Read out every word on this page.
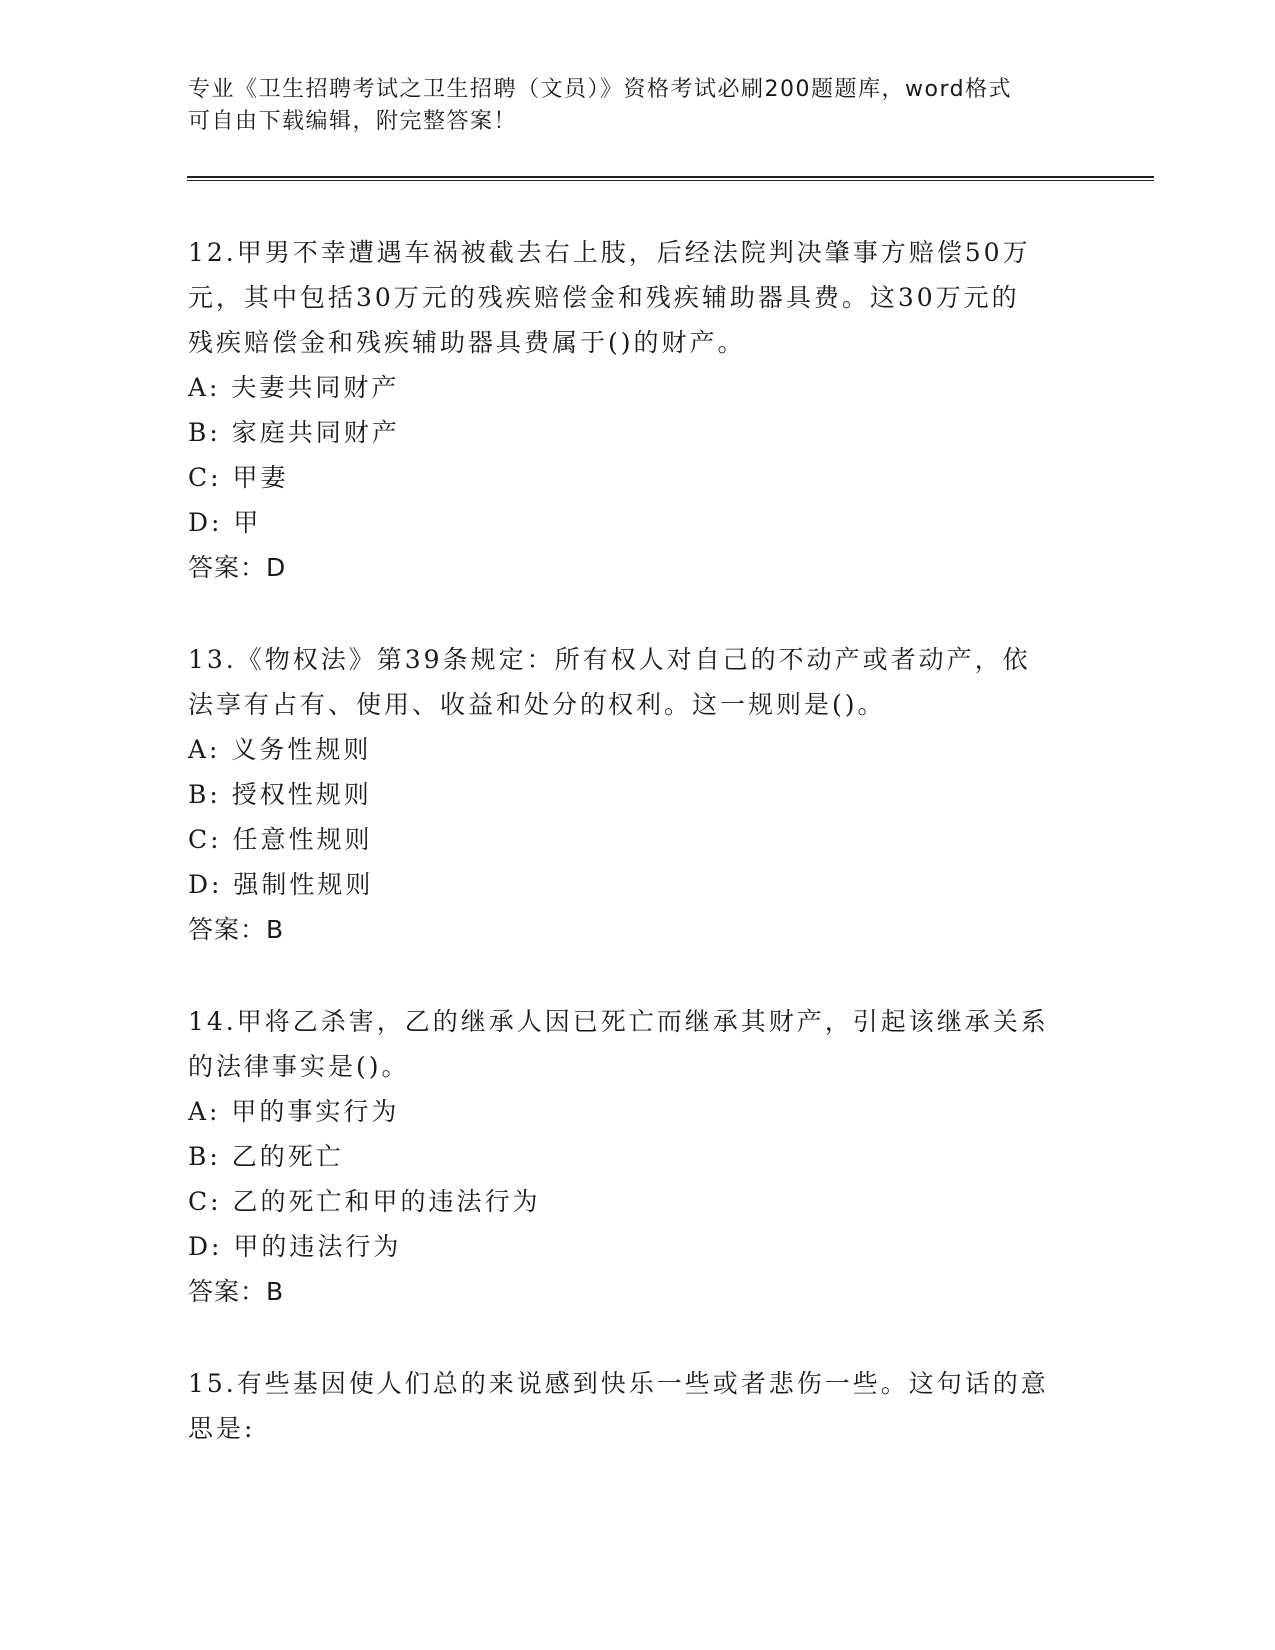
专业《卫生招聘考试之卫生招聘（文员）》资格考试必刷200题题库，word格式
可自由下载编辑，附完整答案！

12.甲男不幸遭遇车祸被截去右上肢，后经法院判决肇事方赔偿50万

元，其中包括30万元的残疾赔偿金和残疾辅助器具费。这30万元的

残疾赔偿金和残疾辅助器具费属于()的财产。

A: 夫妻共同财产

B: 家庭共同财产

C: 甲妻

D: 甲

答案：D

13.《物权法》第39条规定：所有权人对自己的不动产或者动产，依

法享有占有、使用、收益和处分的权利。这一规则是()。

A: 义务性规则

B: 授权性规则

C: 任意性规则

D: 强制性规则

答案：B

14.甲将乙杀害，乙的继承人因已死亡而继承其财产，引起该继承关系

的法律事实是()。

A: 甲的事实行为

B: 乙的死亡

C: 乙的死亡和甲的违法行为

D: 甲的违法行为

答案：B

15.有些基因使人们总的来说感到快乐一些或者悲伤一些。这句话的意

思是:
